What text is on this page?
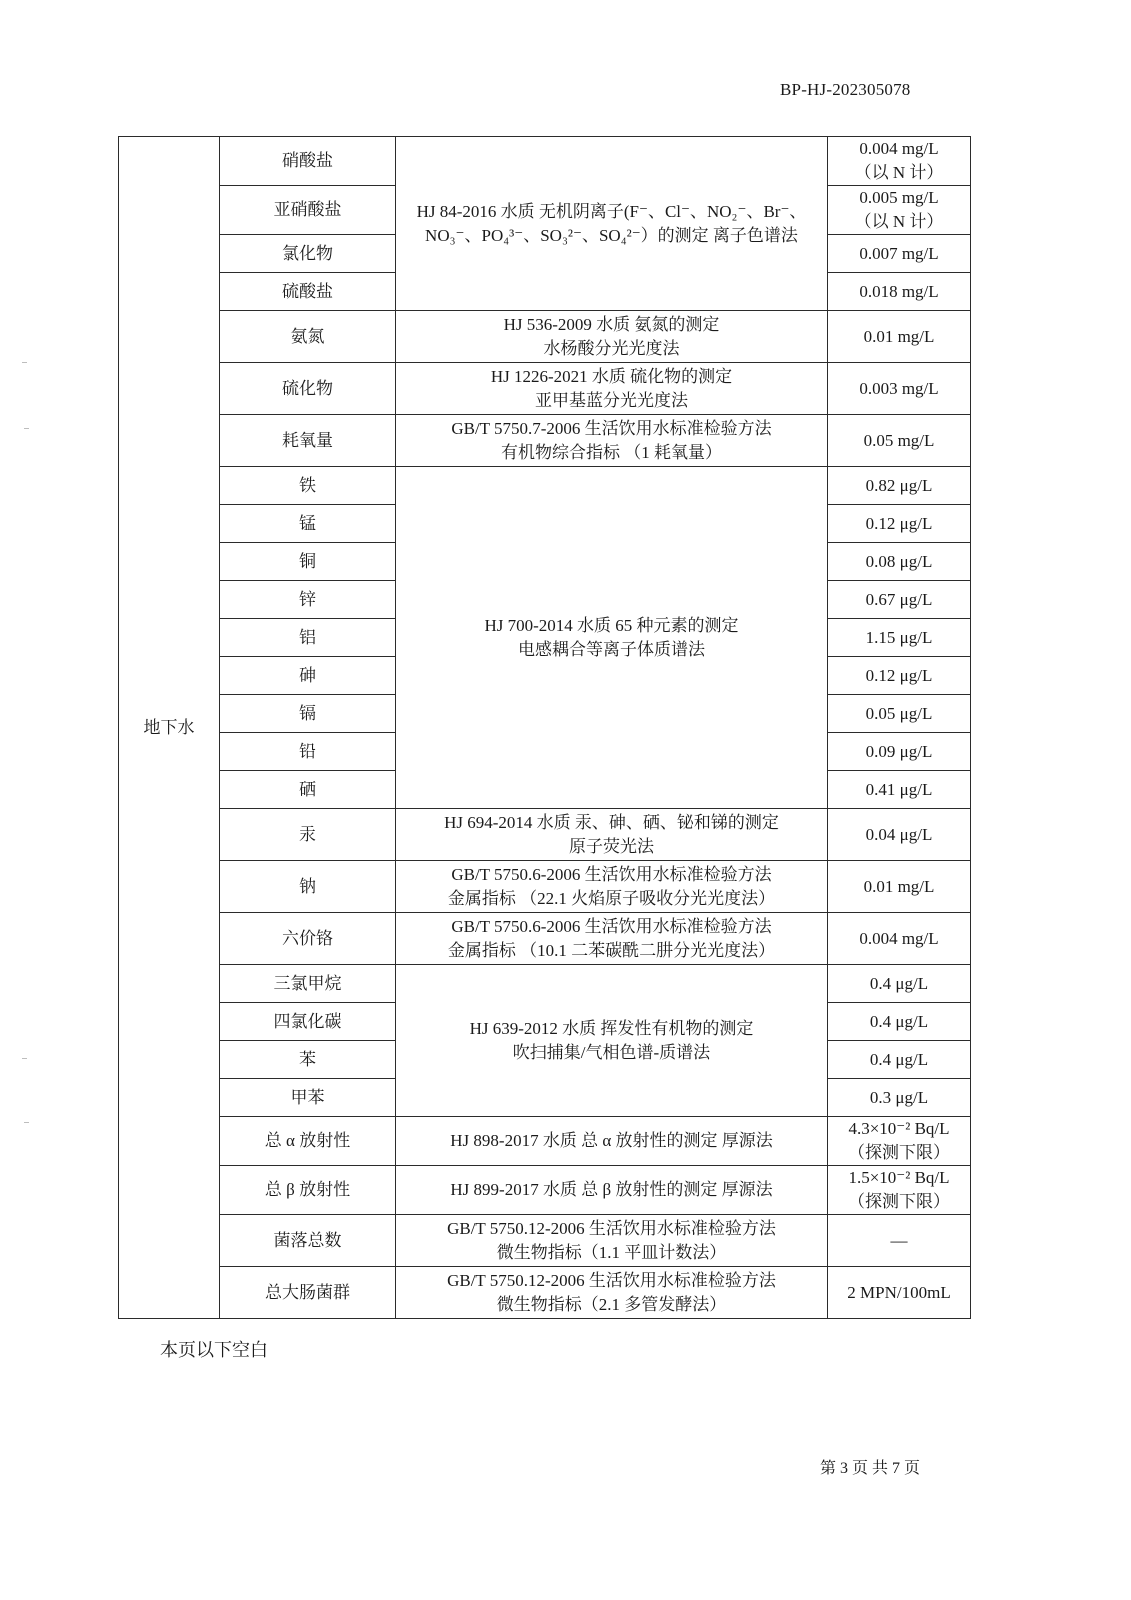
BP-HJ-202305078
地下水	硝酸盐	HJ 84-2016 水质 无机阴离子(F⁻、Cl⁻、NO₂⁻、Br⁻、
NO₃⁻、PO₄³⁻、SO₃²⁻、SO₄²⁻）的测定 离子色谱法	0.004 mg/L
（以 N 计）

	亚硝酸盐		0.005 mg/L
（以 N 计）

	氯化物		0.007 mg/L
	硫酸盐		0.018 mg/L
	氨氮	HJ 536-2009 水质 氨氮的测定
水杨酸分光光度法	0.01 mg/L
	硫化物	HJ 1226-2021 水质 硫化物的测定
亚甲基蓝分光光度法	0.003 mg/L
	耗氧量	GB/T 5750.7-2006 生活饮用水标准检验方法
有机物综合指标 （1 耗氧量）	0.05 mg/L
	铁	HJ 700-2014 水质 65 种元素的测定
电感耦合等离子体质谱法	0.82 μg/L
	锰		0.12 μg/L
	铜		0.08 μg/L
	锌		0.67 μg/L
	铝		1.15 μg/L
	砷		0.12 μg/L
	镉		0.05 μg/L
	铅		0.09 μg/L
	硒		0.41 μg/L
	汞	HJ 694-2014 水质 汞、砷、硒、铋和锑的测定
原子荧光法	0.04 μg/L
	钠	GB/T 5750.6-2006 生活饮用水标准检验方法
金属指标 （22.1 火焰原子吸收分光光度法）	0.01 mg/L
	六价铬	GB/T 5750.6-2006 生活饮用水标准检验方法
金属指标 （10.1 二苯碳酰二肼分光光度法）	0.004 mg/L
	三氯甲烷	HJ 639-2012 水质 挥发性有机物的测定
吹扫捕集/气相色谱-质谱法	0.4 μg/L
	四氯化碳		0.4 μg/L
	苯		0.4 μg/L
	甲苯		0.3 μg/L
	总 α 放射性	HJ 898-2017 水质 总 α 放射性的测定 厚源法	4.3×10⁻² Bq/L
（探测下限）

	总 β 放射性	HJ 899-2017 水质 总 β 放射性的测定 厚源法	1.5×10⁻² Bq/L
（探测下限）

	菌落总数	GB/T 5750.12-2006 生活饮用水标准检验方法
微生物指标（1.1 平皿计数法）	—
	总大肠菌群	GB/T 5750.12-2006 生活饮用水标准检验方法
微生物指标（2.1 多管发酵法）	2 MPN/100mL
本页以下空白
第 3 页 共 7 页
